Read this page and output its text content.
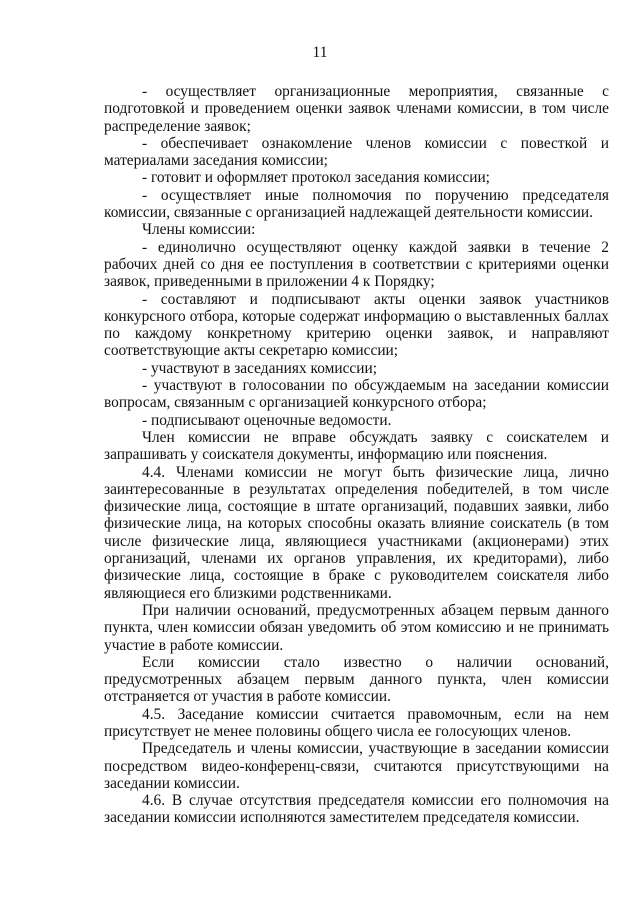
11

- осуществляет организационные мероприятия, связанные с подготовкой и проведением оценки заявок членами комиссии, в том числе распределение заявок;

- обеспечивает ознакомление членов комиссии с повесткой и материалами заседания комиссии;

- готовит и оформляет протокол заседания комиссии;

- осуществляет иные полномочия по поручению председателя комиссии, связанные с организацией надлежащей деятельности комиссии.

Члены комиссии:

- единолично осуществляют оценку каждой заявки в течение 2 рабочих дней со дня ее поступления в соответствии с критериями оценки заявок, приведенными в приложении 4 к Порядку;

- составляют и подписывают акты оценки заявок участников конкурсного отбора, которые содержат информацию о выставленных баллах по каждому конкретному критерию оценки заявок, и направляют соответствующие акты секретарю комиссии;

- участвуют в заседаниях комиссии;

- участвуют в голосовании по обсуждаемым на заседании комиссии вопросам, связанным с организацией конкурсного отбора;

- подписывают оценочные ведомости.

Член комиссии не вправе обсуждать заявку с соискателем и запрашивать у соискателя документы, информацию или пояснения.

4.4. Членами комиссии не могут быть физические лица, лично заинтересованные в результатах определения победителей, в том числе физические лица, состоящие в штате организаций, подавших заявки, либо физические лица, на которых способны оказать влияние соискатель (в том числе физические лица, являющиеся участниками (акционерами) этих организаций, членами их органов управления, их кредиторами), либо физические лица, состоящие в браке с руководителем соискателя либо являющиеся его близкими родственниками.

При наличии оснований, предусмотренных абзацем первым данного пункта, член комиссии обязан уведомить об этом комиссию и не принимать участие в работе комиссии.

Если комиссии стало известно о наличии оснований, предусмотренных абзацем первым данного пункта, член комиссии отстраняется от участия в работе комиссии.

4.5. Заседание комиссии считается правомочным, если на нем присутствует не менее половины общего числа ее голосующих членов.

Председатель и члены комиссии, участвующие в заседании комиссии посредством видео-конференц-связи, считаются присутствующими на заседании комиссии.

4.6. В случае отсутствия председателя комиссии его полномочия на заседании комиссии исполняются заместителем председателя комиссии.
